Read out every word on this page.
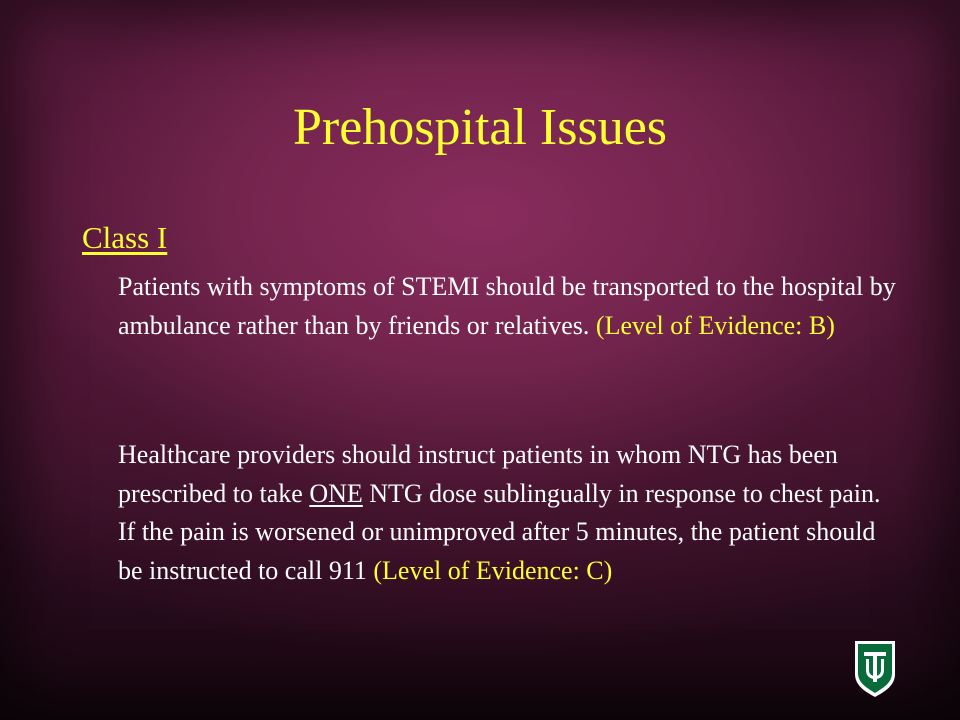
Prehospital Issues
Class I
Patients with symptoms of STEMI should be transported to the hospital by ambulance rather than by friends or relatives. (Level of Evidence: B)
Healthcare providers should instruct patients in whom NTG has been prescribed to take ONE NTG dose sublingually in response to chest pain. If the pain is worsened or unimproved after 5 minutes, the patient should be instructed to call 911 (Level of Evidence: C)
